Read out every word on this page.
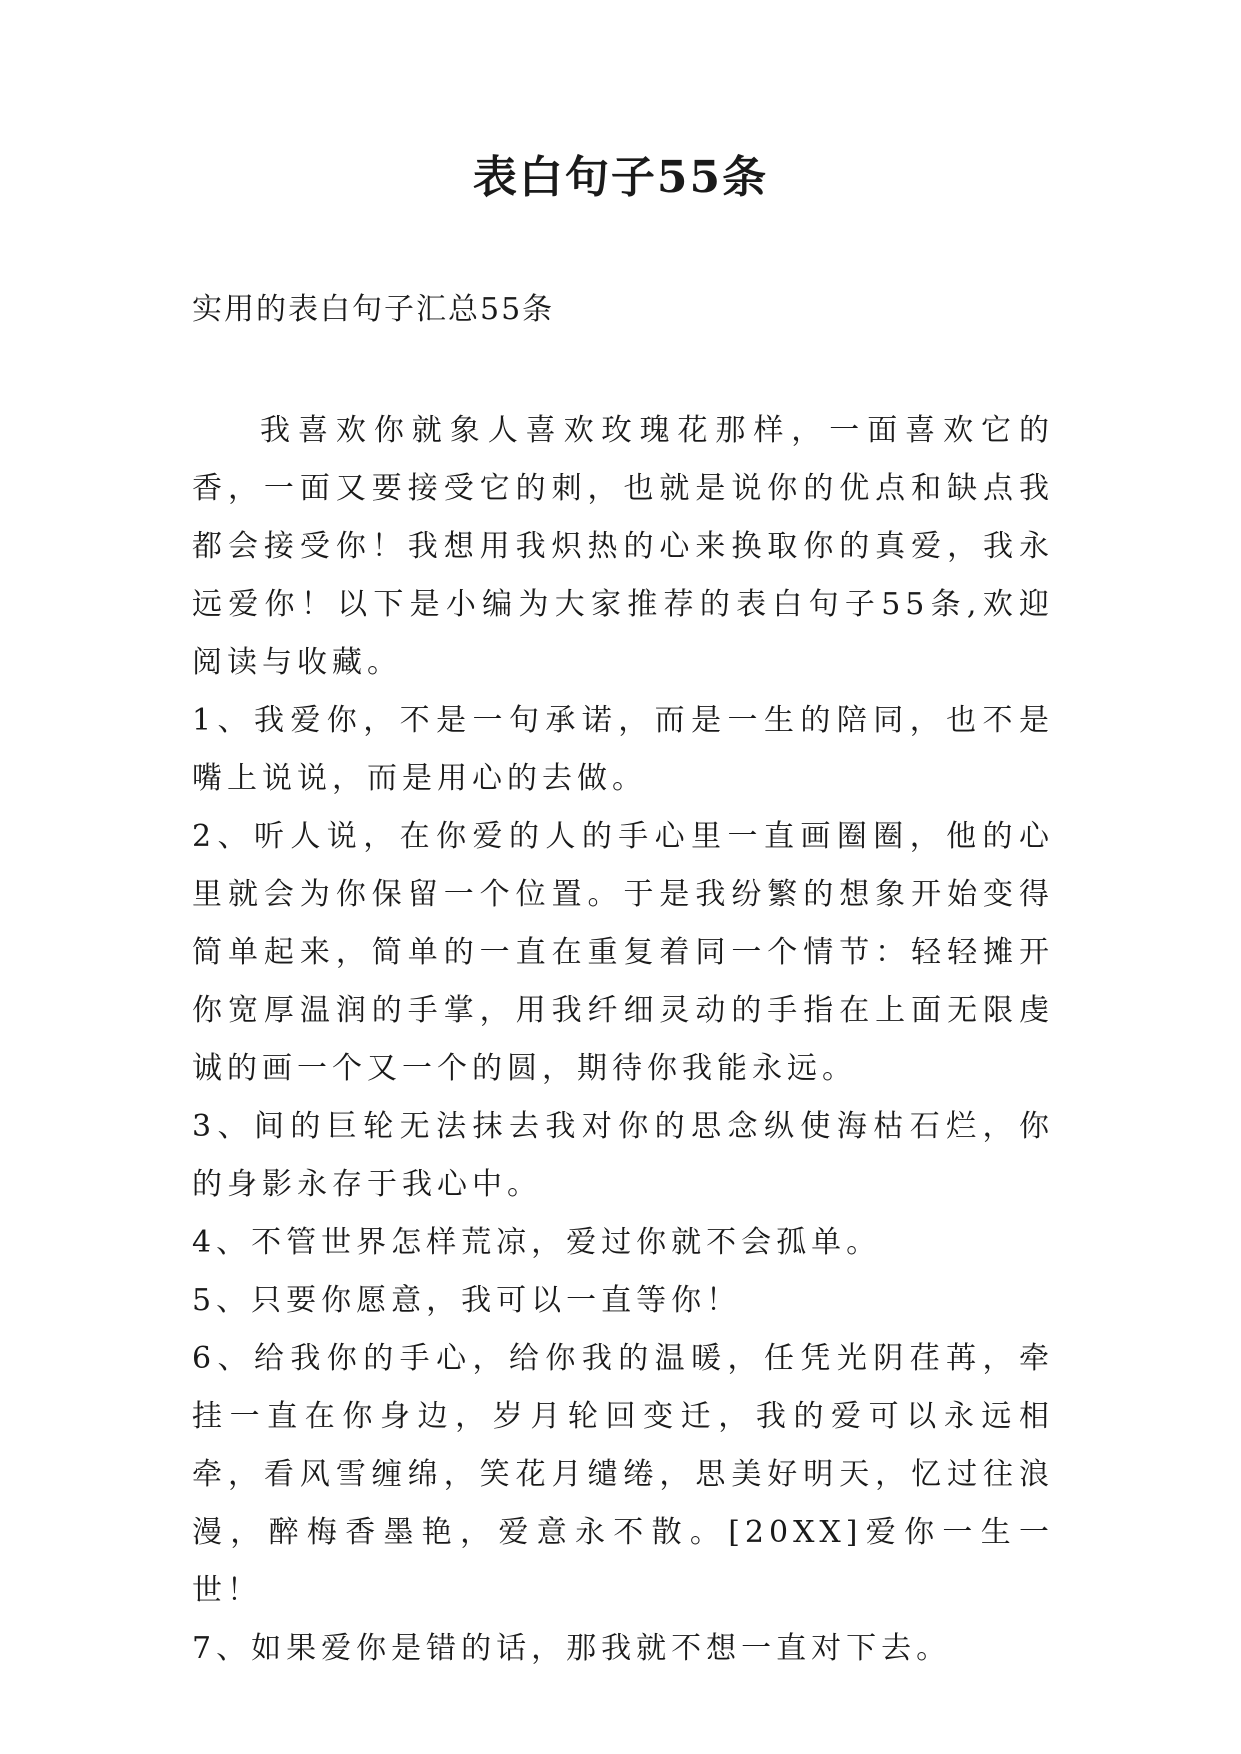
表白句子55条

实用的表白句子汇总55条

我喜欢你就象人喜欢玫瑰花那样，一面喜欢它的香，一面又要接受它的刺，也就是说你的优点和缺点我都会接受你！我想用我炽热的心来换取你的真爱，我永远爱你！以下是小编为大家推荐的表白句子55条,欢迎阅读与收藏。

1、我爱你，不是一句承诺，而是一生的陪同，也不是嘴上说说，而是用心的去做。

2、听人说，在你爱的人的手心里一直画圈圈，他的心里就会为你保留一个位置。于是我纷繁的想象开始变得简单起来，简单的一直在重复着同一个情节：轻轻摊开你宽厚温润的手掌，用我纤细灵动的手指在上面无限虔诚的画一个又一个的圆，期待你我能永远。

3、间的巨轮无法抹去我对你的思念纵使海枯石烂，你的身影永存于我心中。

4、不管世界怎样荒凉，爱过你就不会孤单。

5、只要你愿意，我可以一直等你！

6、给我你的手心，给你我的温暖，任凭光阴荏苒，牵挂一直在你身边，岁月轮回变迁，我的爱可以永远相牵，看风雪缠绵，笑花月缱绻，思美好明天，忆过往浪漫，醉梅香墨艳，爱意永不散。[20XX]爱你一生一世！

7、如果爱你是错的话，那我就不想一直对下去。
